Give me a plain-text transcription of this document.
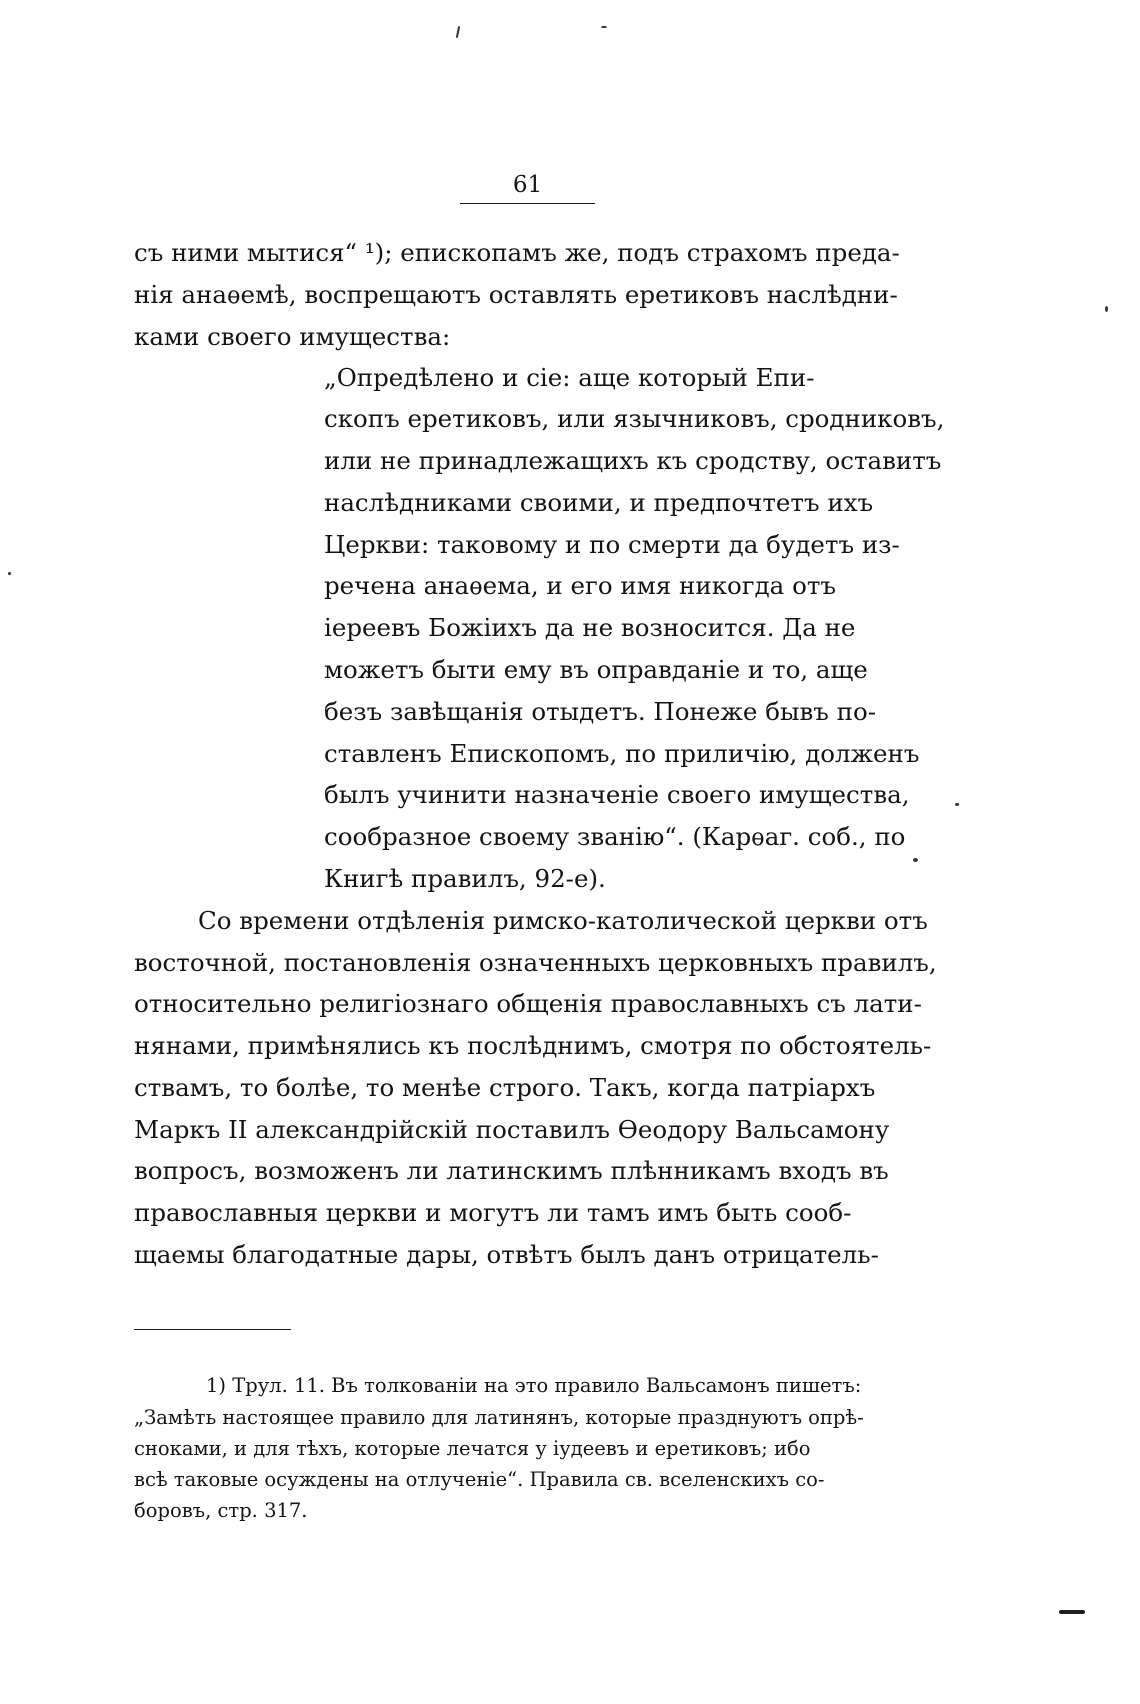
61
съ ними мытися“ ¹); епископамъ же, подъ страхомъ преда-
нія анаѳемѣ, воспрещаютъ оставлять еретиковъ наслѣдни-
ками своего имущества:
„Опредѣлено и сіе: аще который Епи-
скопъ еретиковъ, или язычниковъ, сродниковъ,
или не принадлежащихъ къ сродству, оставитъ
наслѣдниками своими, и предпочтетъ ихъ
Церкви: таковому и по смерти да будетъ из-
речена анаѳема, и его имя никогда отъ
іереевъ Божіихъ да не возносится. Да не
можетъ быти ему въ оправданіе и то, аще
безъ завѣщанія отыдетъ. Понеже бывъ по-
ставленъ Епископомъ, по приличію, долженъ
былъ учинити назначеніе своего имущества,
сообразное своему званію“. (Карѳаг. соб., по
Книгѣ правилъ, 92-е).
Со времени отдѣленія римско-католической церкви отъ
восточной, постановленія означенныхъ церковныхъ правилъ,
относительно религіознаго общенія православныхъ съ лати-
нянами, примѣнялись къ послѣднимъ, смотря по обстоятель-
ствамъ, то болѣе, то менѣе строго. Такъ, когда патріархъ
Маркъ II александрійскій поставилъ Ѳеодору Вальсамону
вопросъ, возможенъ ли латинскимъ плѣнникамъ входъ въ
православныя церкви и могутъ ли тамъ имъ быть сооб-
щаемы благодатные дары, отвѣтъ былъ данъ отрицатель-
1) Трул. 11. Въ толкованіи на это правило Вальсамонъ пишетъ:
„Замѣть настоящее правило для латинянъ, которые празднуютъ опрѣ-
сноками, и для тѣхъ, которые лечатся у іудеевъ и еретиковъ; ибо
всѣ таковые осуждены на отлученіе“. Правила св. вселенскихъ со-
боровъ, стр. 317.
